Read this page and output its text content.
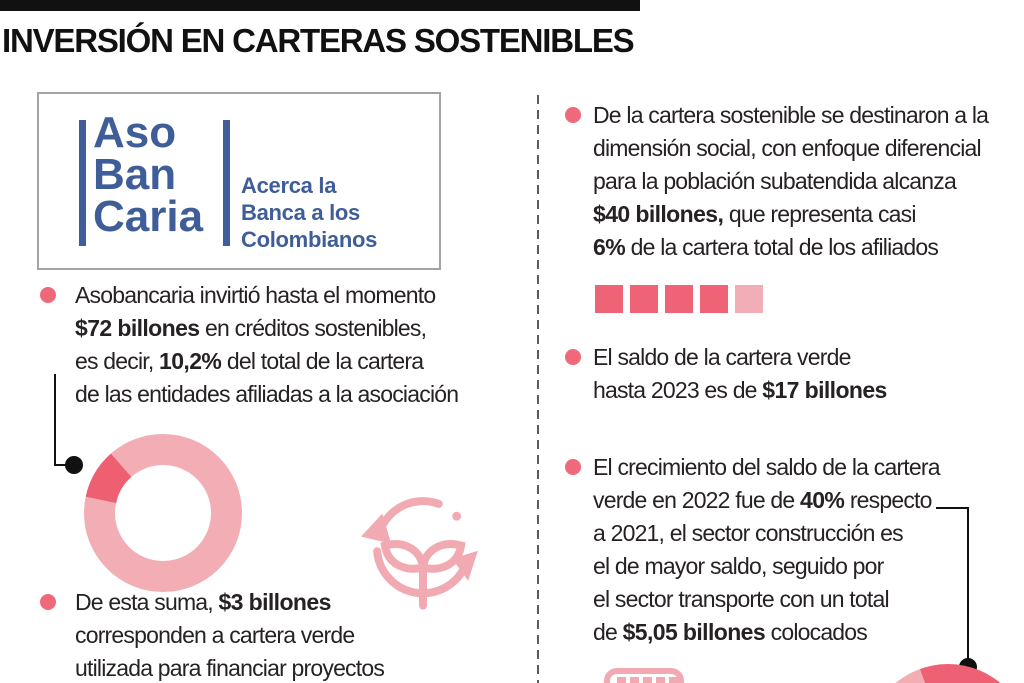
INVERSIÓN EN CARTERAS SOSTENIBLES
Aso
Ban
Caria
Acerca la
Banca a los
Colombianos
Asobancaria invirtió hasta el momento
$72 billones en créditos sostenibles,
es decir, 10,2% del total de la cartera
de las entidades afiliadas a la asociación
De esta suma, $3 billones
corresponden a cartera verde
utilizada para financiar proyectos
De la cartera sostenible se destinaron a la
dimensión social, con enfoque diferencial
para la población subatendida alcanza
$40 billones, que representa casi
6% de la cartera total de los afiliados
El saldo de la cartera verde
hasta 2023 es de $17 billones
El crecimiento del saldo de la cartera
verde en 2022 fue de 40% respecto
a 2021, el sector construcción es
el de mayor saldo, seguido por
el sector transporte con un total
de $5,05 billones colocados
